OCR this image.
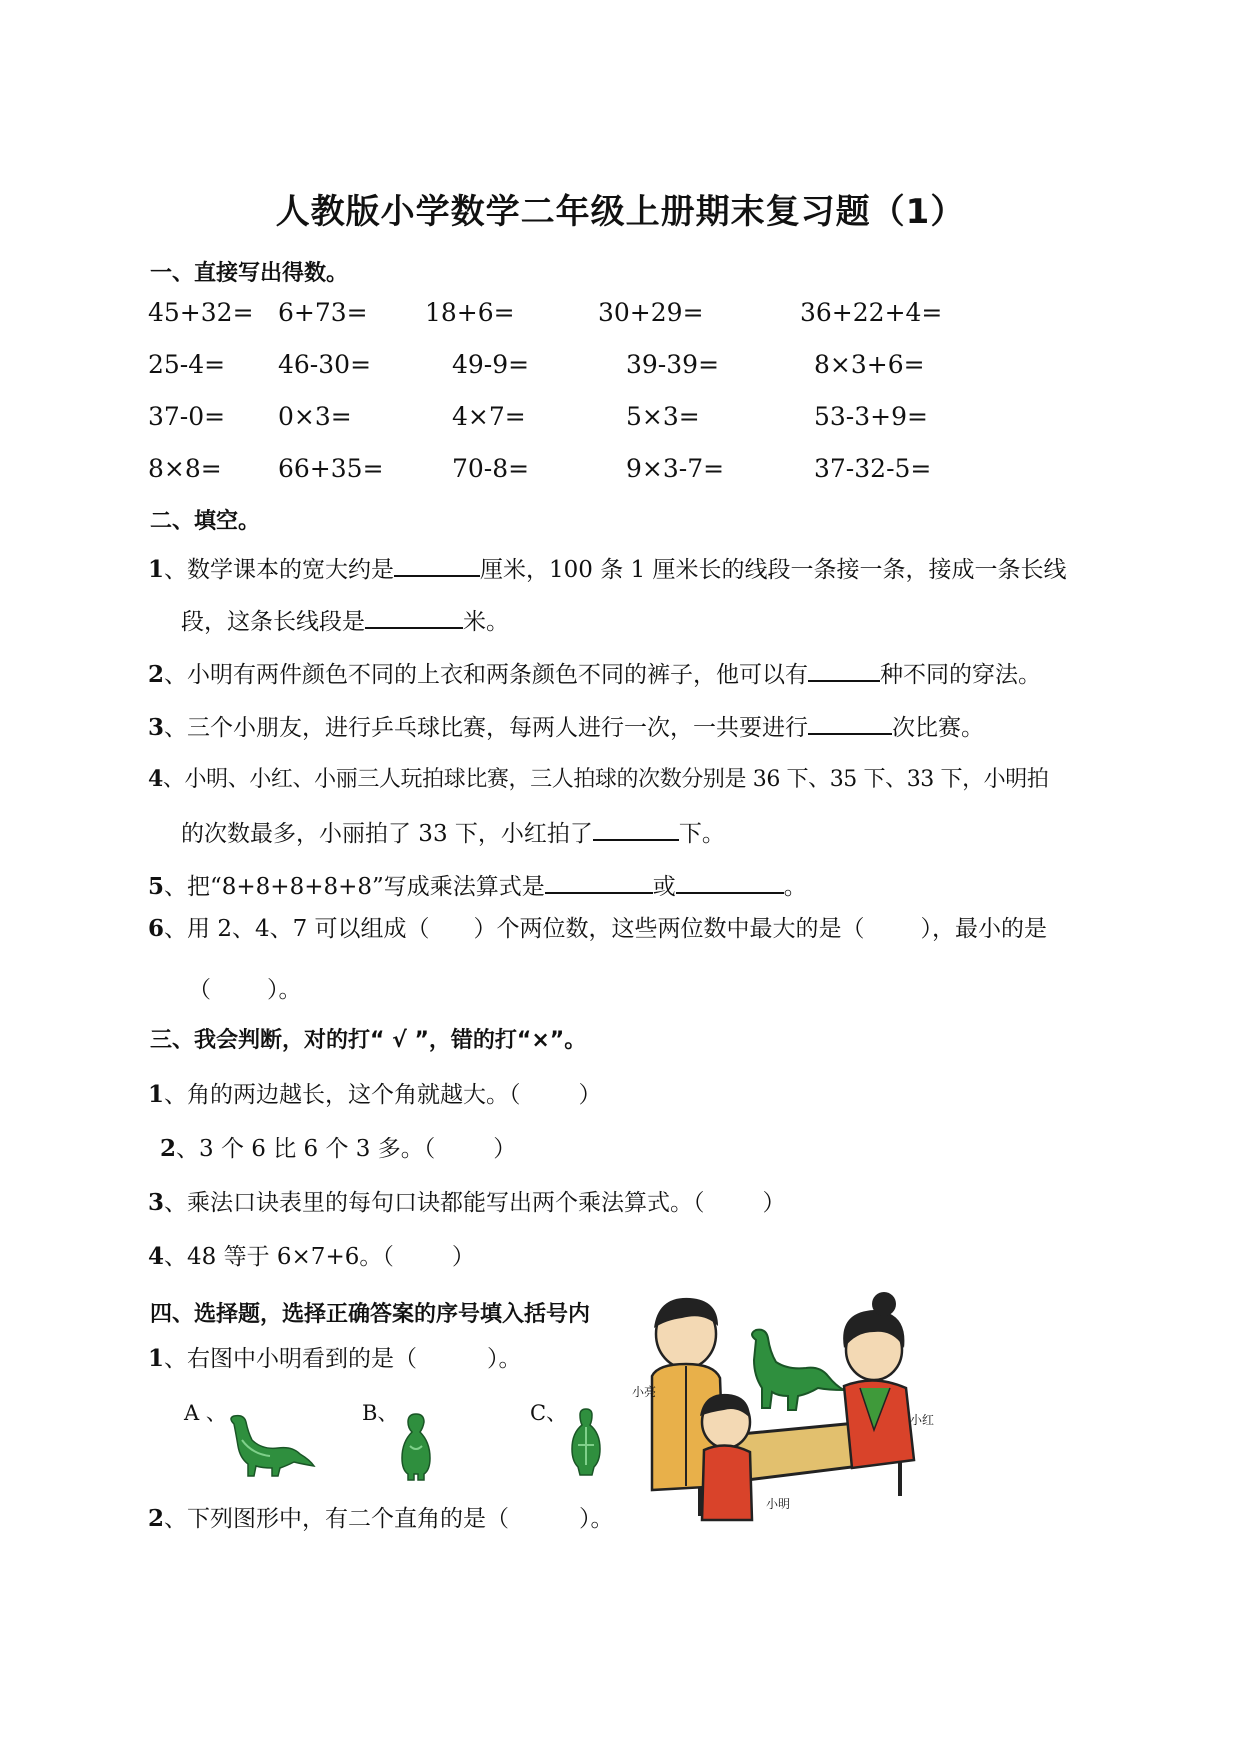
人教版小学数学二年级上册期末复习题（1）
一、直接写出得数。
45+32= 6+73= 18+6=	30+29=	36+22+4=
25-4= 46-30=	49-9=	39-39=	8×3+6=
37-0= 0×3=	4×7=	5×3=	53-3+9=
8×8= 66+35=	70-8=	9×3-7=	37-32-5=
二、填空。
1、数学课本的宽大约是	厘米，100 条 1 厘米长的线段一条接一条，接成一条长线
段，这条长线段是	米。
2、小明有两件颜色不同的上衣和两条颜色不同的裤子，他可以有	种不同的穿法。
3、三个小朋友，进行乒乓球比赛，每两人进行一次，一共要进行	次比赛。
4、小明、小红、小丽三人玩拍球比赛，三人拍球的次数分别是 36 下、35 下、33 下，小明拍
的次数最多，小丽拍了 33 下，小红拍了	下。
5、把“8+8+8+8+8”写成乘法算式是	或	。
6、用 2、4、7 可以组成（ ）个两位数，这些两位数中最大的是（ ），最小的是
（ ）。
三、我会判断，对的打“ √ ”，错的打“×”。
1、角的两边越长，这个角就越大。（	）
2、3 个 6 比 6 个 3 多。（	）
3、乘法口诀表里的每句口诀都能写出两个乘法算式。（	）
4、48 等于 6×7+6。（	）
四、选择题，选择正确答案的序号填入括号内
1、右图中小明看到的是（	）。
A 、	B、	C、
小亮
小红
小明
2、下列图形中，有二个直角的是（	）。
